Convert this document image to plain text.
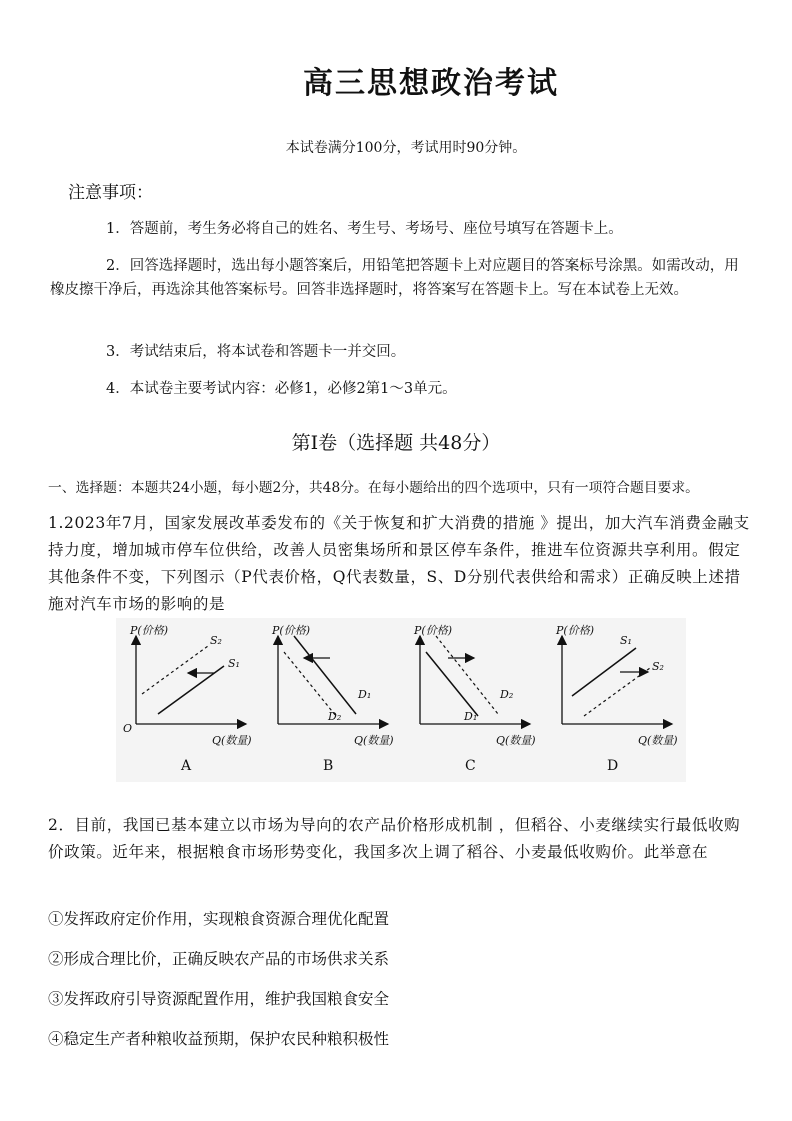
高三思想政治考试
本试卷满分100分，考试用时90分钟。
注意事项：
1．答题前，考生务必将自己的姓名、考生号、考场号、座位号填写在答题卡上。
2．回答选择题时，选出每小题答案后，用铅笔把答题卡上对应题目的答案标号涂黑。如需改动，用橡皮擦干净后，再选涂其他答案标号。回答非选择题时，将答案写在答题卡上。写在本试卷上无效。
3．考试结束后，将本试卷和答题卡一并交回。
4．本试卷主要考试内容：必修1，必修2第1～3单元。
第Ⅰ卷（选择题 共48分）
一、选择题：本题共24小题，每小题2分，共48分。在每小题给出的四个选项中，只有一项符合题目要求。
1.2023年7月，国家发展改革委发布的《关于恢复和扩大消费的措施 》提出，加大汽车消费金融支持力度，增加城市停车位供给，改善人员密集场所和景区停车条件，推进车位资源共享利用。假定其他条件不变，下列图示（P代表价格，Q代表数量，S、D分别代表供给和需求）正确反映上述措施对汽车市场的影响的是
P(价格)
Q(数量)
O
A
S₁
S₂
P(价格)
Q(数量)
B
D₁
D₂
P(价格)
Q(数量)
C
D₁
D₂
P(价格)
Q(数量)
D
S₁
S₂
2．目前，我国已基本建立以市场为导向的农产品价格形成机制 ，但稻谷、小麦继续实行最低收购价政策。近年来，根据粮食市场形势变化，我国多次上调了稻谷、小麦最低收购价。此举意在
①发挥政府定价作用，实现粮食资源合理优化配置
②形成合理比价，正确反映农产品的市场供求关系
③发挥政府引导资源配置作用，维护我国粮食安全
④稳定生产者种粮收益预期，保护农民种粮积极性
